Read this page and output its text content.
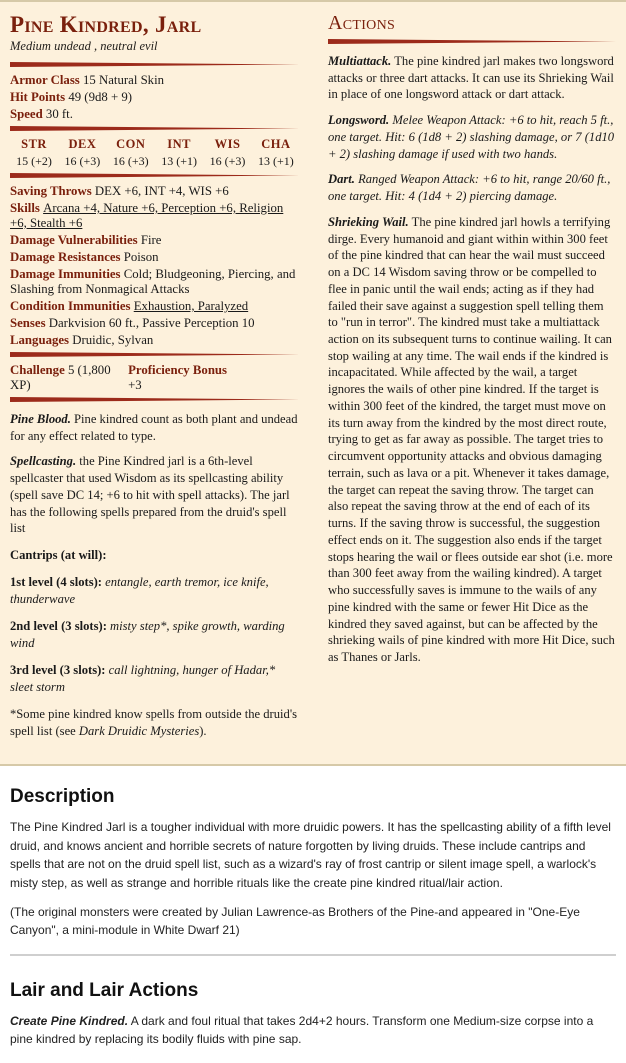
Pine Kindred, Jarl
Medium undead , neutral evil
Armor Class 15 Natural Skin
Hit Points 49 (9d8 + 9)
Speed 30 ft.
STR
15 (+2)
DEX
16 (+3)
CON
16 (+3)
INT
13 (+1)
WIS
16 (+3)
CHA
13 (+1)
Saving Throws DEX +6, INT +4, WIS +6
Skills Arcana +4, Nature +6, Perception +6, Religion +6, Stealth +6
Damage Vulnerabilities Fire
Damage Resistances Poison
Damage Immunities Cold; Bludgeoning, Piercing, and Slashing from Nonmagical Attacks
Condition Immunities Exhaustion, Paralyzed
Senses Darkvision 60 ft., Passive Perception 10
Languages Druidic, Sylvan
Challenge 5 (1,800 XP)
Proficiency Bonus +3
Pine Blood. Pine kindred count as both plant and undead for any effect related to type.
Spellcasting. the Pine Kindred jarl is a 6th-level spellcaster that used Wisdom as its spellcasting ability (spell save DC 14; +6 to hit with spell attacks). The jarl has the following spells prepared from the druid's spell list
Cantrips (at will):
1st level (4 slots): entangle, earth tremor, ice knife, thunderwave
2nd level (3 slots): misty step*, spike growth, warding wind
3rd level (3 slots): call lightning, hunger of Hadar,* sleet storm
*Some pine kindred know spells from outside the druid's spell list (see Dark Druidic Mysteries).
Actions
Multiattack. The pine kindred jarl makes two longsword attacks or three dart attacks. It can use its Shrieking Wail in place of one longsword attack or dart attack.
Longsword. Melee Weapon Attack: +6 to hit, reach 5 ft., one target. Hit: 6 (1d8 + 2) slashing damage, or 7 (1d10 + 2) slashing damage if used with two hands.
Dart. Ranged Weapon Attack: +6 to hit, range 20/60 ft., one target. Hit: 4 (1d4 + 2) piercing damage.
Shrieking Wail. The pine kindred jarl howls a terrifying dirge. Every humanoid and giant within within 300 feet of the pine kindred that can hear the wail must succeed on a DC 14 Wisdom saving throw or be compelled to flee in panic until the wail ends; acting as if they had failed their save against a suggestion spell telling them to "run in terror". The kindred must take a multiattack action on its subsequent turns to continue wailing. It can stop wailing at any time. The wail ends if the kindred is incapacitated. While affected by the wail, a target ignores the wails of other pine kindred. If the target is within 300 feet of the kindred, the target must move on its turn away from the kindred by the most direct route, trying to get as far away as possible. The target tries to circumvent opportunity attacks and obvious damaging terrain, such as lava or a pit. Whenever it takes damage, the target can repeat the saving throw. The target can also repeat the saving throw at the end of each of its turns. If the saving throw is successful, the suggestion effect ends on it. The suggestion also ends if the target stops hearing the wail or flees outside ear shot (i.e. more than 300 feet away from the wailing kindred). A target who successfully saves is immune to the wails of any pine kindred with the same or fewer Hit Dice as the kindred they saved against, but can be affected by the shrieking wails of pine kindred with more Hit Dice, such as Thanes or Jarls.
Description

The Pine Kindred Jarl is a tougher individual with more druidic powers. It has the spellcasting ability of a fifth level druid, and knows ancient and horrible secrets of nature forgotten by living druids. These include cantrips and spells that are not on the druid spell list, such as a wizard's ray of frost cantrip or silent image spell, a warlock's misty step, as well as strange and horrible rituals like the create pine kindred ritual/lair action.

(The original monsters were created by Julian Lawrence-as Brothers of the Pine-and appeared in "One-Eye Canyon", a mini-module in White Dwarf 21)

Lair and Lair Actions

Create Pine Kindred. A dark and foul ritual that takes 2d4+2 hours. Transform one Medium-size corpse into a pine kindred by replacing its bodily fluids with pine sap.
